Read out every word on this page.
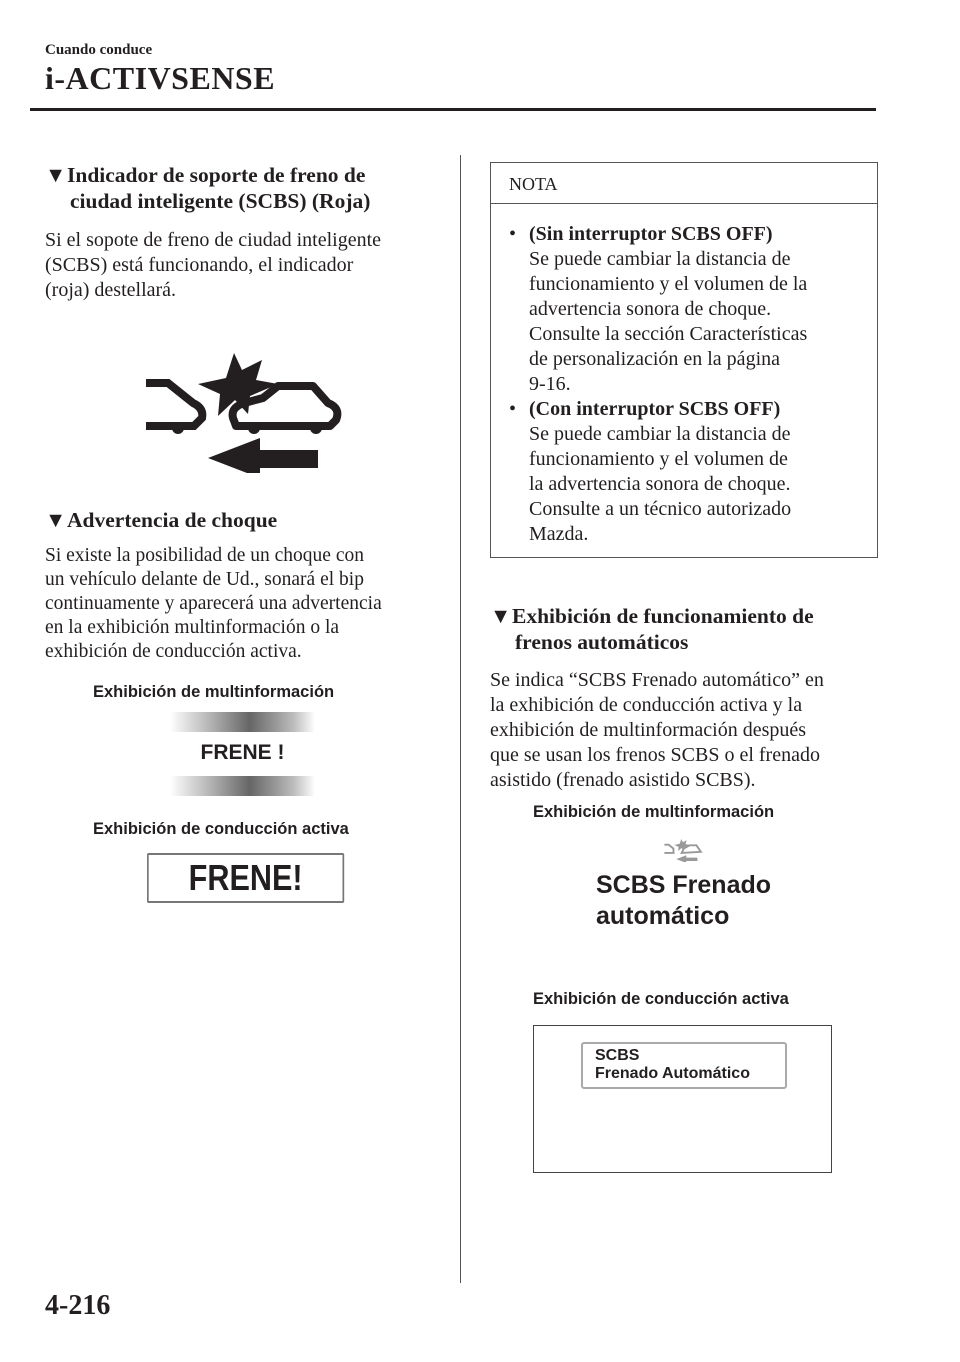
Cuando conduce
i-ACTIVSENSE
▼Indicador de soporte de freno de
ciudad inteligente (SCBS) (Roja)
Si el sopote de freno de ciudad inteligente
(SCBS) está funcionando, el indicador
(roja) destellará.
▼Advertencia de choque
Si existe la posibilidad de un choque con
un vehículo delante de Ud., sonará el bip
continuamente y aparecerá una advertencia
en la exhibición multinformación o la
exhibición de conducción activa.
Exhibición de multinformación
FRENE !
Exhibición de conducción activa
FRENE!
NOTA
• (Sin interruptor SCBS OFF)
Se puede cambiar la distancia de
funcionamiento y el volumen de la
advertencia sonora de choque.
Consulte la sección Características
de personalización en la página
9-16.
• (Con interruptor SCBS OFF)
Se puede cambiar la distancia de
funcionamiento y el volumen de
la advertencia sonora de choque.
Consulte a un técnico autorizado
Mazda.
▼Exhibición de funcionamiento de
frenos automáticos
Se indica “SCBS Frenado automático” en
la exhibición de conducción activa y la
exhibición de multinformación después
que se usan los frenos SCBS o el frenado
asistido (frenado asistido SCBS).
Exhibición de multinformación
SCBS Frenado
automático
Exhibición de conducción activa
SCBS
Frenado Automático
4-216
